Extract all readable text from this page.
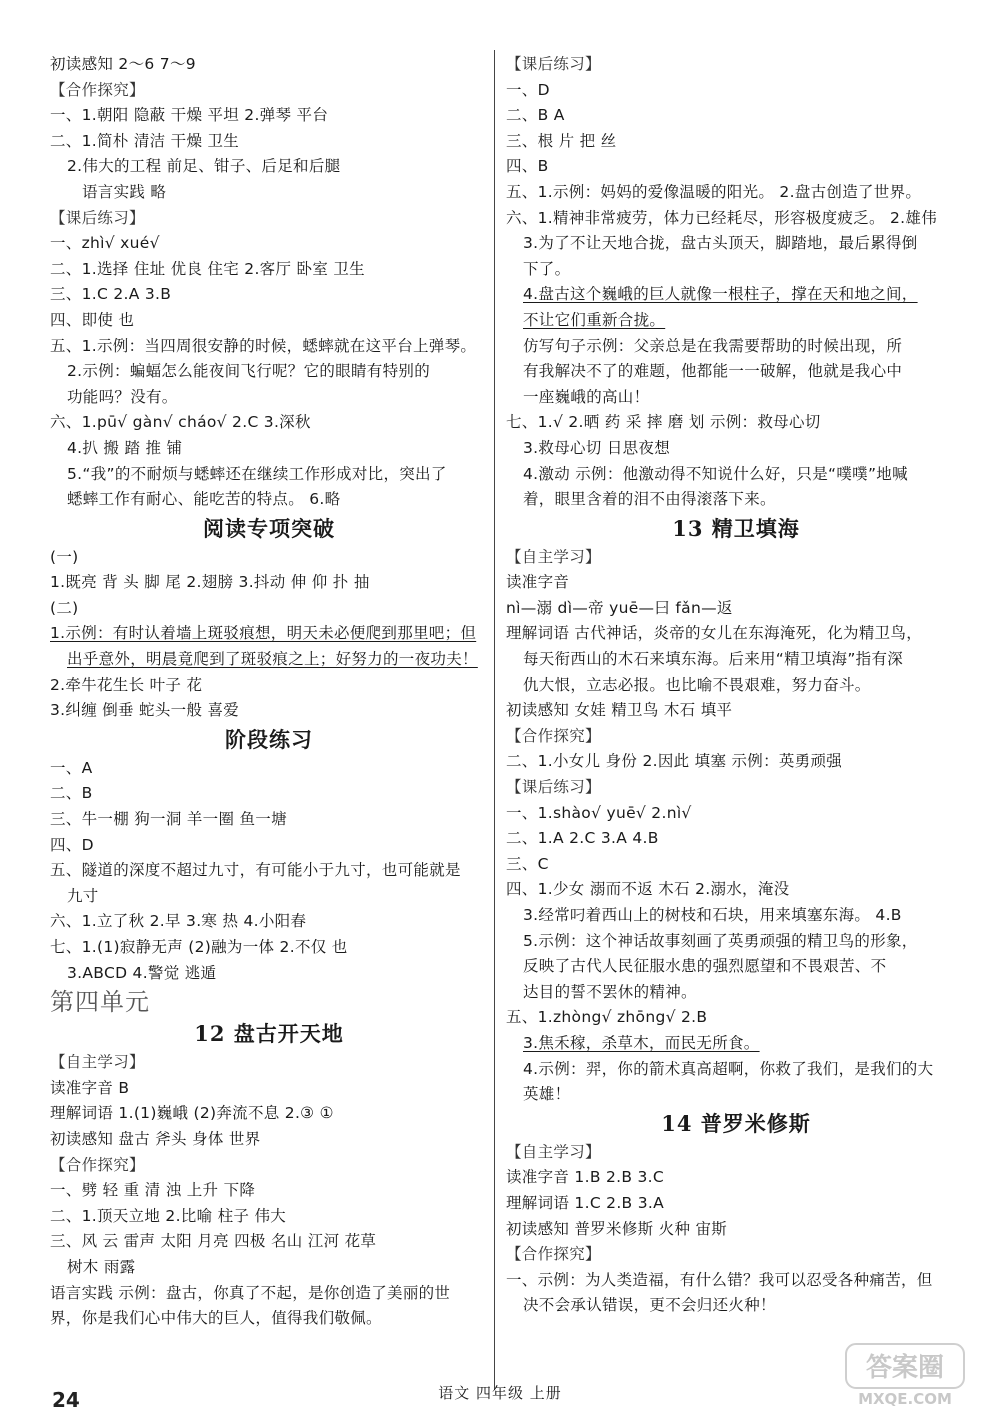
初读感知 2～6 7～9
【合作探究】
一、1.朝阳 隐蔽 干燥 平坦 2.弹琴 平台
二、1.简朴 清洁 干燥 卫生
2.伟大的工程 前足、钳子、后足和后腿
语言实践 略
【课后练习】
一、zhì√ xué√
二、1.选择 住址 优良 住宅 2.客厅 卧室 卫生
三、1.C 2.A 3.B
四、即使 也
五、1.示例：当四周很安静的时候，蟋蟀就在这平台上弹琴。
2.示例：蝙蝠怎么能夜间飞行呢？它的眼睛有特别的
功能吗？没有。
六、1.pū√ gàn√ cháo√ 2.C 3.深秋
4.扒 搬 踏 推 铺
5.“我”的不耐烦与蟋蟀还在继续工作形成对比，突出了
蟋蟀工作有耐心、能吃苦的特点。 6.略
阅读专项突破
(一)
1.既亮 背 头 脚 尾 2.翅膀 3.抖动 伸 仰 扑 抽
(二)
1.示例：有时认着墙上斑驳痕想，明天未必便爬到那里吧；但
出乎意外，明晨竟爬到了斑驳痕之上；好努力的一夜功夫！
2.牵牛花生长 叶子 花
3.纠缠 倒垂 蛇头一般 喜爱
阶段练习
一、A
二、B
三、牛一棚 狗一洞 羊一圈 鱼一塘
四、D
五、隧道的深度不超过九寸，有可能小于九寸，也可能就是
九寸
六、1.立了秋 2.早 3.寒 热 4.小阳春
七、1.(1)寂静无声 (2)融为一体 2.不仅 也
3.ABCD 4.警觉 逃遁
第四单元
12 盘古开天地
【自主学习】
读准字音 B
理解词语 1.(1)巍峨 (2)奔流不息 2.③ ①
初读感知 盘古 斧头 身体 世界
【合作探究】
一、劈 轻 重 清 浊 上升 下降
二、1.顶天立地 2.比喻 柱子 伟大
三、风 云 雷声 太阳 月亮 四极 名山 江河 花草
树木 雨露
语言实践 示例：盘古，你真了不起，是你创造了美丽的世
界，你是我们心中伟大的巨人，值得我们敬佩。
【课后练习】
一、D
二、B A
三、根 片 把 丝
四、B
五、1.示例：妈妈的爱像温暖的阳光。 2.盘古创造了世界。
六、1.精神非常疲劳，体力已经耗尽，形容极度疲乏。 2.雄伟
3.为了不让天地合拢，盘古头顶天，脚踏地，最后累得倒
下了。
4.盘古这个巍峨的巨人就像一根柱子，撑在天和地之间，
不让它们重新合拢。
仿写句子示例：父亲总是在我需要帮助的时候出现，所
有我解决不了的难题，他都能一一破解，他就是我心中
一座巍峨的高山！
七、1.√ 2.晒 药 采 摔 磨 划 示例：救母心切
3.救母心切 日思夜想
4.激动 示例：他激动得不知说什么好，只是“噗噗”地喊
着，眼里含着的泪不由得滚落下来。
13 精卫填海
【自主学习】
读准字音
nì—溺 dì—帝 yuē—曰 fǎn—返
理解词语 古代神话，炎帝的女儿在东海淹死，化为精卫鸟，
每天衔西山的木石来填东海。后来用“精卫填海”指有深
仇大恨，立志必报。也比喻不畏艰难，努力奋斗。
初读感知 女娃 精卫鸟 木石 填平
【合作探究】
二、1.小女儿 身份 2.因此 填塞 示例：英勇顽强
【课后练习】
一、1.shào√ yuē√ 2.nì√
二、1.A 2.C 3.A 4.B
三、C
四、1.少女 溺而不返 木石 2.溺水，淹没
3.经常叼着西山上的树枝和石块，用来填塞东海。 4.B
5.示例：这个神话故事刻画了英勇顽强的精卫鸟的形象，
反映了古代人民征服水患的强烈愿望和不畏艰苦、不
达目的誓不罢休的精神。
五、1.zhòng√ zhōng√ 2.B
3.焦禾稼，杀草木，而民无所食。
4.示例：羿，你的箭术真高超啊，你救了我们，是我们的大
英雄！
14 普罗米修斯
【自主学习】
读准字音 1.B 2.B 3.C
理解词语 1.C 2.B 3.A
初读感知 普罗米修斯 火种 宙斯
【合作探究】
一、示例：为人类造福，有什么错？我可以忍受各种痛苦，但
决不会承认错误，更不会归还火种！
24	语文 四年级 上册
答案圈
MXQE.COM
